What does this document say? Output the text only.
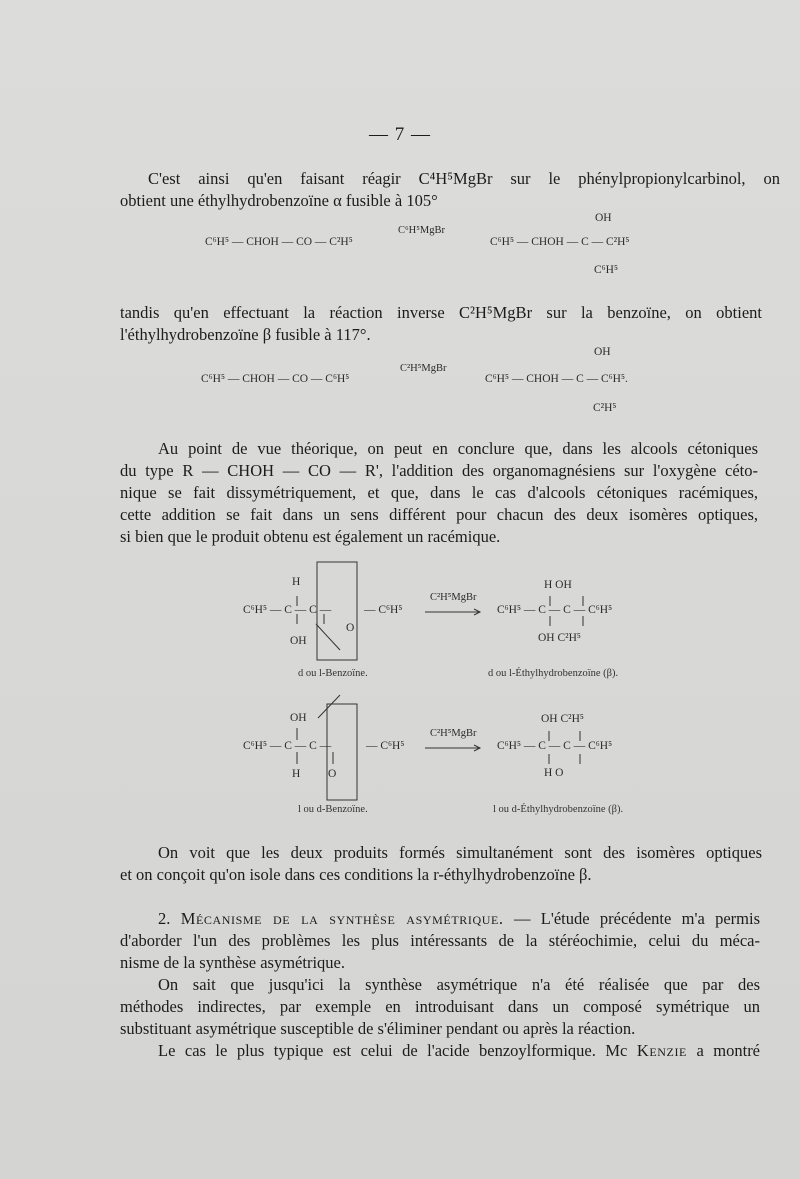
— 7 —
C'est ainsi qu'en faisant réagir C⁴H⁵MgBr sur le phénylpropionylcarbinol, on
obtient une éthylhydrobenzoïne α fusible à 105°
C⁶H⁵ — CHOH — CO — C²H⁵
C⁶H⁵MgBr
C⁶H⁵ — CHOH — C — C²H⁵
OH
C⁶H⁵
tandis qu'en effectuant la réaction inverse C²H⁵MgBr sur la benzoïne, on obtient
l'éthylhydrobenzoïne β fusible à 117°.
C⁶H⁵ — CHOH — CO — C⁶H⁵
C²H⁵MgBr
C⁶H⁵ — CHOH — C — C⁶H⁵.
OH
C²H⁵
Au point de vue théorique, on peut en conclure que, dans les alcools cétoniques
du type R — CHOH — CO — R', l'addition des organomagnésiens sur l'oxygène céto-
nique se fait dissymétriquement, et que, dans le cas d'alcools cétoniques racémiques,
cette addition se fait dans un sens différent pour chacun des deux isomères optiques,
si bien que le produit obtenu est également un racémique.
H
C⁶H⁵ — C — C —	— C⁶H⁵
OH
O
C²H⁵MgBr
H OH
C⁶H⁵ — C — C — C⁶H⁵
OH C²H⁵
d ou l-Benzoïne.	d ou l-Éthylhydrobenzoïne (β).
OH
C⁶H⁵ — C — C —	— C⁶H⁵
H O
C²H⁵MgBr
OH C²H⁵
C⁶H⁵ — C — C — C⁶H⁵
H O
l ou d-Benzoïne.	l ou d-Éthylhydrobenzoïne (β).
On voit que les deux produits formés simultanément sont des isomères optiques
et on conçoit qu'on isole dans ces conditions la r-éthylhydrobenzoïne β.
2. Mécanisme de la synthèse asymétrique. — L'étude précédente m'a permis
d'aborder l'un des problèmes les plus intéressants de la stéréochimie, celui du méca-
nisme de la synthèse asymétrique.
On sait que jusqu'ici la synthèse asymétrique n'a été réalisée que par des
méthodes indirectes, par exemple en introduisant dans un composé symétrique un
substituant asymétrique susceptible de s'éliminer pendant ou après la réaction.
Le cas le plus typique est celui de l'acide benzoylformique. Mc Kenzie a montré
